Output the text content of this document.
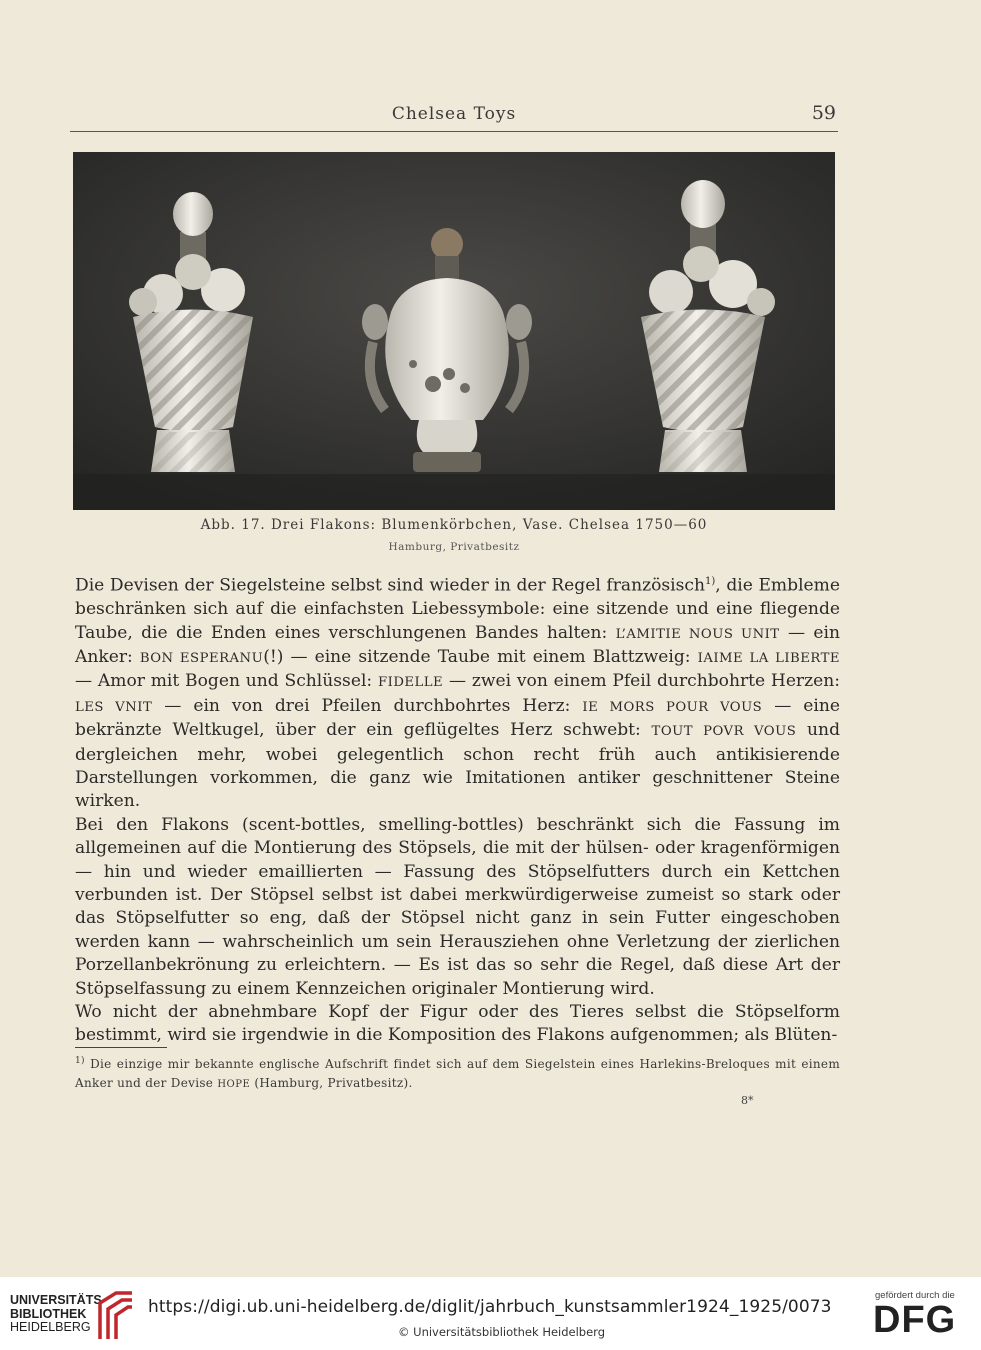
Chelsea Toys	59
Abb. 17. Drei Flakons: Blumenkörbchen, Vase. Chelsea 1750—60
Hamburg, Privatbesitz

Die Devisen der Siegelsteine selbst sind wieder in der Regel französisch$^{1)}$, die Embleme beschränken sich auf die einfachsten Liebessymbole: eine sitzende und eine fliegende Taube, die die Enden eines verschlungenen Bandes halten: L’AMITIE NOUS UNIT — ein Anker: BON ESPERANU(!) — eine sitzende Taube mit einem Blattzweig: IAIME LA LIBERTE — Amor mit Bogen und Schlüssel: FIDELLE — zwei von einem Pfeil durchbohrte Herzen: LES VNIT — ein von drei Pfeilen durchbohrtes Herz: IE MORS POUR VOUS — eine bekränzte Weltkugel, über der ein geflügeltes Herz schwebt: TOUT POVR VOUS und dergleichen mehr, wobei gelegentlich schon recht früh auch antikisierende Darstellungen vorkommen, die ganz wie Imitationen antiker geschnittener Steine wirken.

Bei den Flakons (scent-bottles, smelling-bottles) beschränkt sich die Fassung im allgemeinen auf die Montierung des Stöpsels, die mit der hülsen- oder kragenförmigen — hin und wieder emaillierten — Fassung des Stöpselfutters durch ein Kettchen verbunden ist. Der Stöpsel selbst ist dabei merkwürdigerweise zumeist so stark oder das Stöpselfutter so eng, daß der Stöpsel nicht ganz in sein Futter eingeschoben werden kann — wahrscheinlich um sein Herausziehen ohne Verletzung der zierlichen Porzellanbekrönung zu erleichtern. — Es ist das so sehr die Regel, daß diese Art der Stöpselfassung zu einem Kennzeichen originaler Montierung wird.

Wo nicht der abnehmbare Kopf der Figur oder des Tieres selbst die Stöpselform bestimmt, wird sie irgendwie in die Komposition des Flakons aufgenommen; als Blüten-

$^{1)}$ Die einzige mir bekannte englische Aufschrift findet sich auf dem Siegelstein eines Harlekins-Breloques mit einem Anker und der Devise HOPE (Hamburg, Privatbesitz).
8*
UNIVERSITÄTS-
BIBLIOTHEK
HEIDELBERG
https://digi.ub.uni-heidelberg.de/diglit/jahrbuch_kunstsammler1924_1925/0073
© Universitätsbibliothek Heidelberg
gefördert durch die
DFG
